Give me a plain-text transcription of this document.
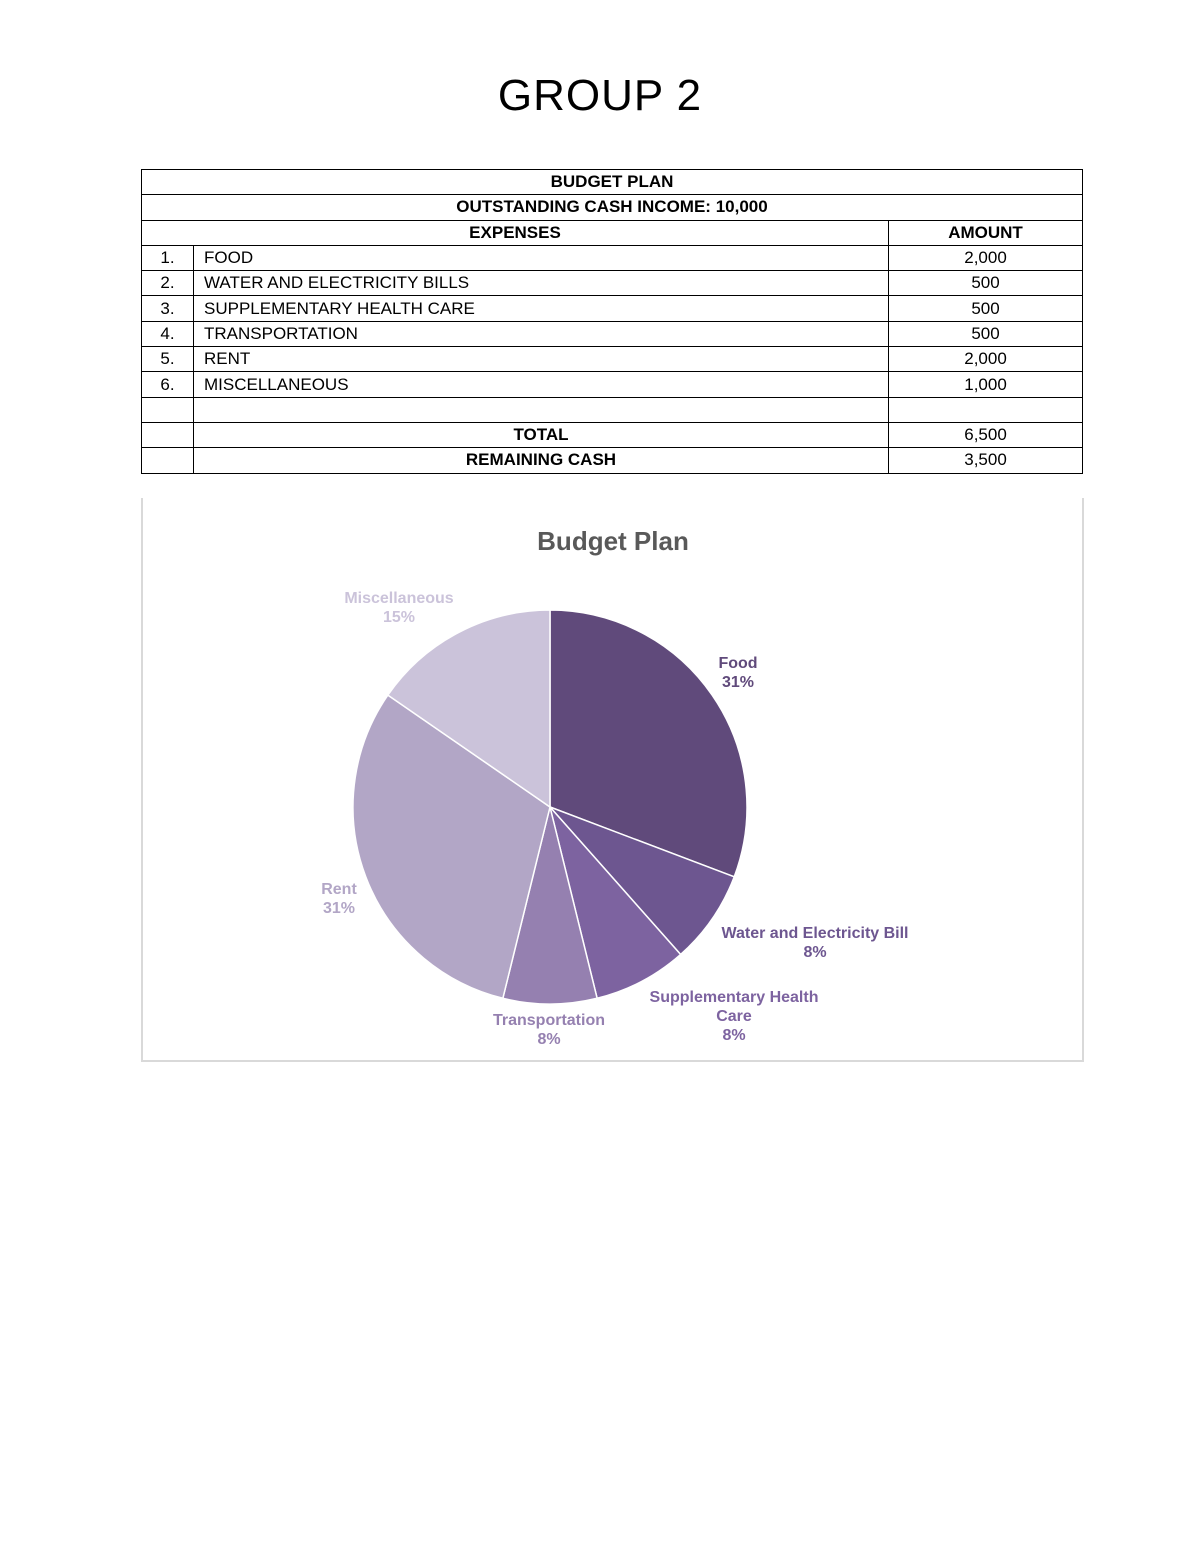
GROUP 2
BUDGET PLAN		
OUTSTANDING CASH INCOME: 10,000		
EXPENSES		AMOUNT
1.	FOOD	2,000
2.	WATER AND ELECTRICITY BILLS	500
3.	SUPPLEMENTARY HEALTH CARE	500
4.	TRANSPORTATION	500
5.	RENT	2,000
6.	MISCELLANEOUS	1,000

	TOTAL	6,500
	REMAINING CASH	3,500
Budget Plan
Food 31%
Water and Electricity Bill 8%
Supplementary Health Care 8%
Transportation 8%
Rent 31%
Miscellaneous 15%
